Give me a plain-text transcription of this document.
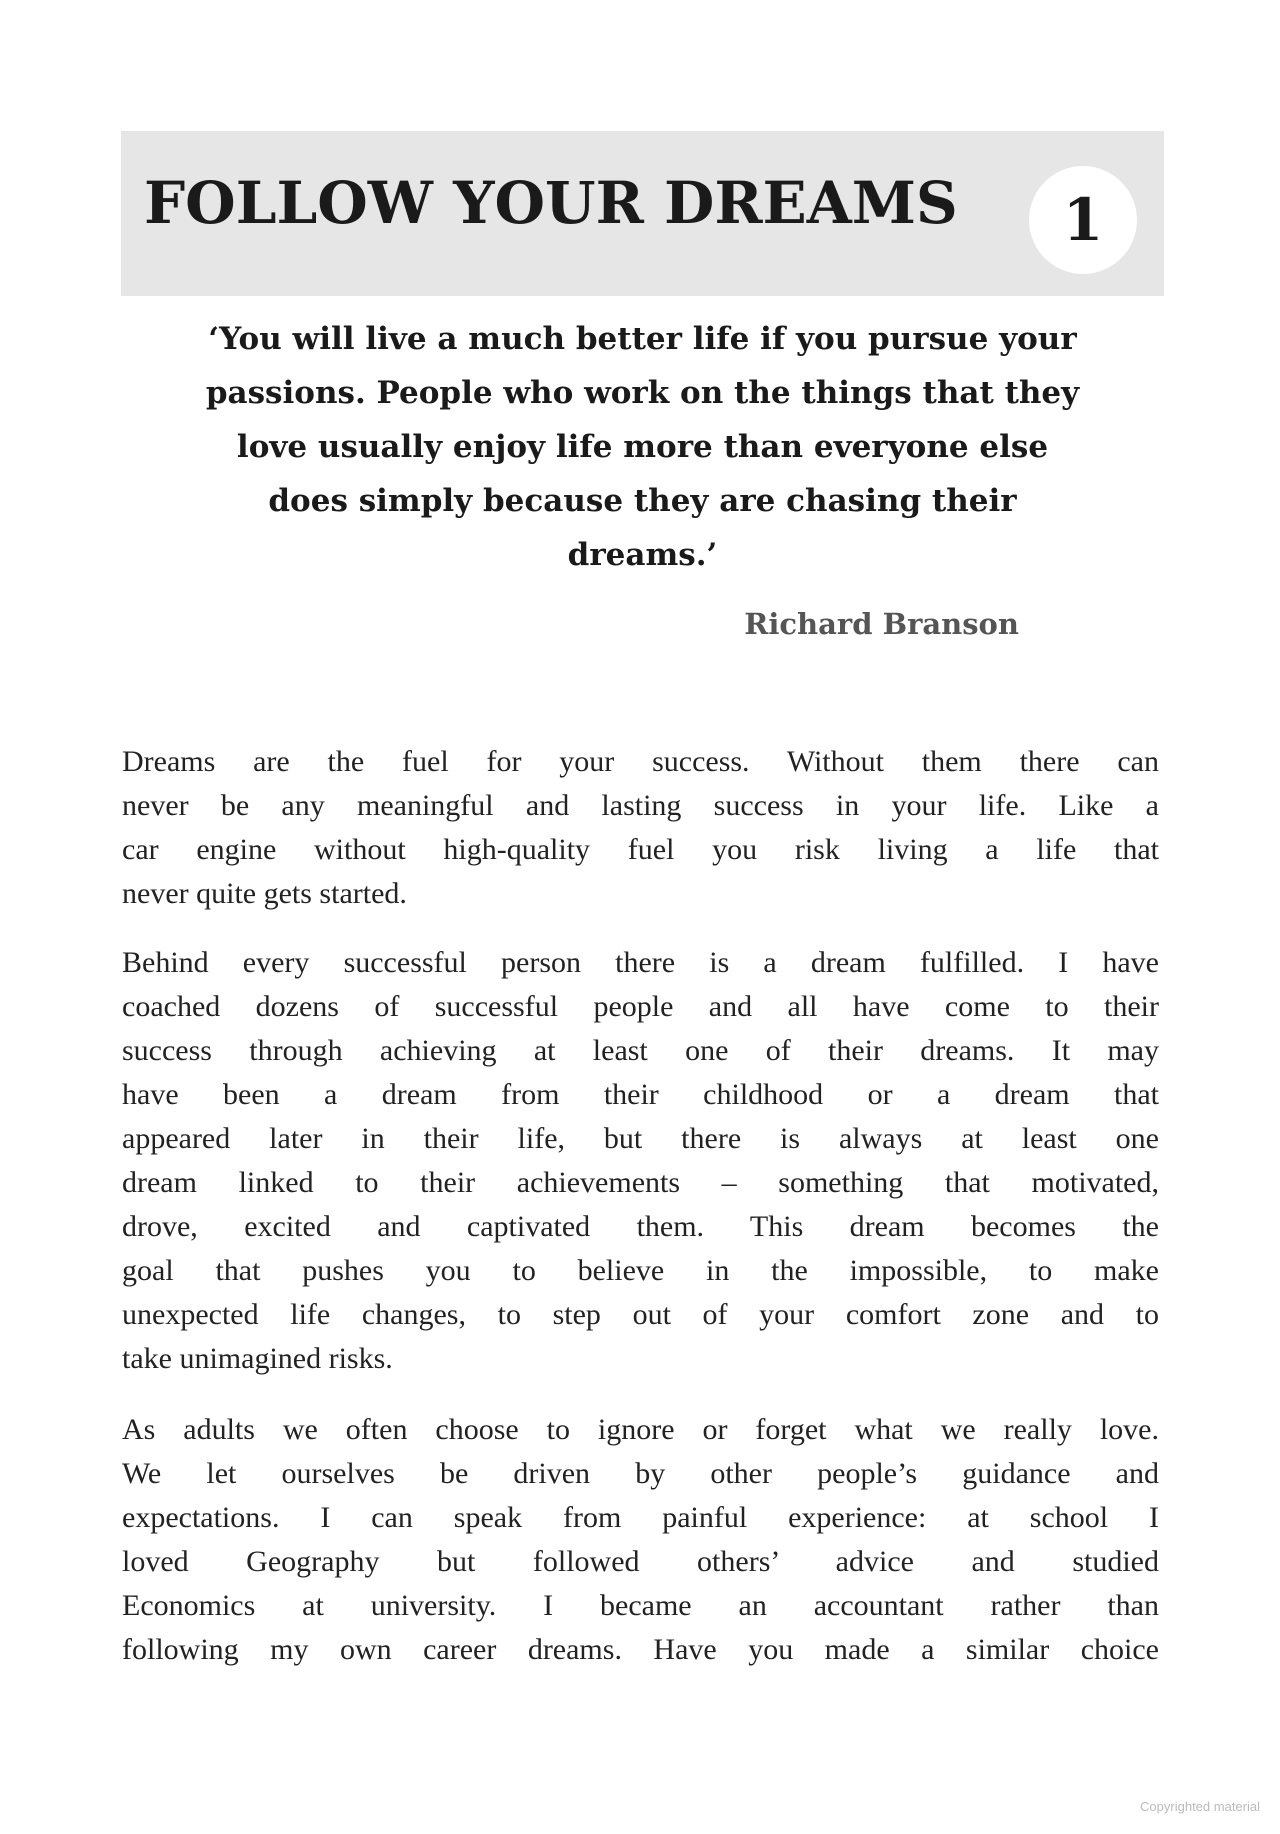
FOLLOW YOUR DREAMS	1
‘You will live a much better life if you pursue your
passions. People who work on the things that they
love usually enjoy life more than everyone else
does simply because they are chasing their
dreams.’
Richard Branson
Dreams are the fuel for your success. Without them there can
never be any meaningful and lasting success in your life. Like a
car engine without high-quality fuel you risk living a life that
never quite gets started.
Behind every successful person there is a dream fulfilled. I have
coached dozens of successful people and all have come to their
success through achieving at least one of their dreams. It may
have been a dream from their childhood or a dream that
appeared later in their life, but there is always at least one
dream linked to their achievements – something that motivated,
drove, excited and captivated them. This dream becomes the
goal that pushes you to believe in the impossible, to make
unexpected life changes, to step out of your comfort zone and to
take unimagined risks.
As adults we often choose to ignore or forget what we really love.
We let ourselves be driven by other people’s guidance and
expectations. I can speak from painful experience: at school I
loved Geography but followed others’ advice and studied
Economics at university. I became an accountant rather than
following my own career dreams. Have you made a similar choice
Copyrighted material
